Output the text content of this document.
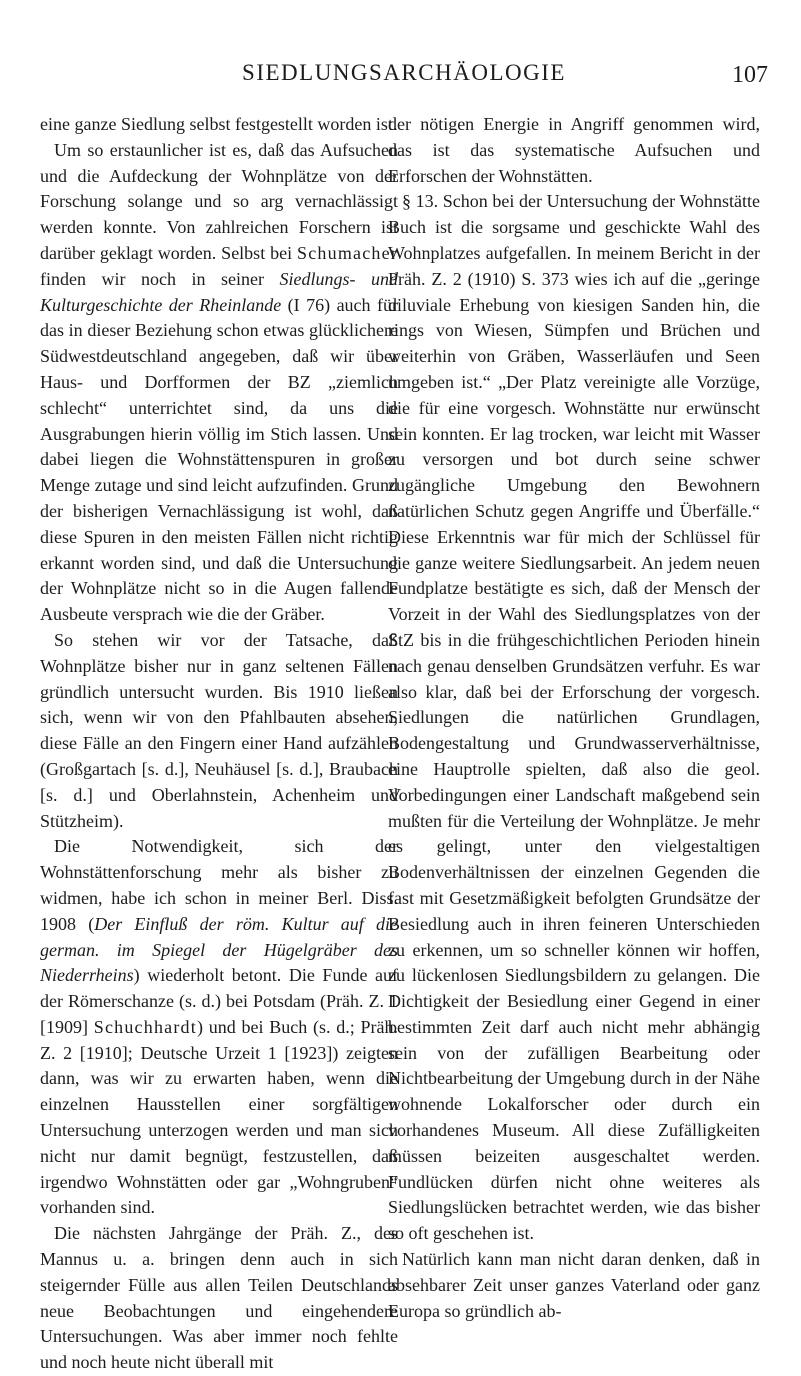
SIEDLUNGSARCHÄOLOGIE	107

eine ganze Siedlung selbst festgestellt worden ist.

Um so erstaunlicher ist es, daß das Aufsuchen und die Aufdeckung der Wohnplätze von der Forschung solange und so arg vernachlässigt werden konnte. Von zahlreichen Forschern ist darüber geklagt worden. Selbst bei Schumacher finden wir noch in seiner Siedlungs- und Kulturgeschichte der Rheinlande (I 76) auch für das in dieser Beziehung schon etwas glücklichere Südwestdeutschland angegeben, daß wir über Haus- und Dorfformen der BZ „ziemlich schlecht“ unterrichtet sind, da uns die Ausgrabungen hierin völlig im Stich lassen. Und dabei liegen die Wohnstättenspuren in großer Menge zutage und sind leicht aufzufinden. Grund der bisherigen Vernachlässigung ist wohl, daß diese Spuren in den meisten Fällen nicht richtig erkannt worden sind, und daß die Untersuchung der Wohnplätze nicht so in die Augen fallende Ausbeute versprach wie die der Gräber.

So stehen wir vor der Tatsache, daß Wohnplätze bisher nur in ganz seltenen Fällen gründlich untersucht wurden. Bis 1910 ließen sich, wenn wir von den Pfahlbauten absehen, diese Fälle an den Fingern einer Hand aufzählen (Großgartach [s. d.], Neuhäusel [s. d.], Braubach [s. d.] und Oberlahnstein, Achenheim und Stützheim).

Die Notwendigkeit, sich der Wohnstättenforschung mehr als bisher zu widmen, habe ich schon in meiner Berl. Diss. 1908 (Der Einfluß der röm. Kultur auf die german. im Spiegel der Hügelgräber des Niederrheins) wiederholt betont. Die Funde auf der Römerschanze (s. d.) bei Potsdam (Präh. Z. 1 [1909] Schuchhardt) und bei Buch (s. d.; Präh. Z. 2 [1910]; Deutsche Urzeit 1 [1923]) zeigten dann, was wir zu erwarten haben, wenn die einzelnen Hausstellen einer sorgfältigen Untersuchung unterzogen werden und man sich nicht nur damit begnügt, festzustellen, daß irgendwo Wohnstätten oder gar „Wohngruben“ vorhanden sind.

Die nächsten Jahrgänge der Präh. Z., des Mannus u. a. bringen denn auch in sich steigernder Fülle aus allen Teilen Deutschlands neue Beobachtungen und eingehendere Untersuchungen. Was aber immer noch fehlte und noch heute nicht überall mit

der nötigen Energie in Angriff genommen wird, das ist das systematische Aufsuchen und Erforschen der Wohnstätten.

§ 13. Schon bei der Untersuchung der Wohnstätte Buch ist die sorgsame und geschickte Wahl des Wohnplatzes aufgefallen. In meinem Bericht in der Präh. Z. 2 (1910) S. 373 wies ich auf die „geringe diluviale Erhebung von kiesigen Sanden hin, die rings von Wiesen, Sümpfen und Brüchen und weiterhin von Gräben, Wasserläufen und Seen umgeben ist.“ „Der Platz vereinigte alle Vorzüge, die für eine vorgesch. Wohnstätte nur erwünscht sein konnten. Er lag trocken, war leicht mit Wasser zu versorgen und bot durch seine schwer zugängliche Umgebung den Bewohnern natürlichen Schutz gegen Angriffe und Überfälle.“ Diese Erkenntnis war für mich der Schlüssel für die ganze weitere Siedlungsarbeit. An jedem neuen Fundplatze bestätigte es sich, daß der Mensch der Vorzeit in der Wahl des Siedlungsplatzes von der StZ bis in die frühgeschichtlichen Perioden hinein nach genau denselben Grundsätzen verfuhr. Es war also klar, daß bei der Erforschung der vorgesch. Siedlungen die natürlichen Grundlagen, Bodengestaltung und Grundwasserverhältnisse, eine Hauptrolle spielten, daß also die geol. Vorbedingungen einer Landschaft maßgebend sein mußten für die Verteilung der Wohnplätze. Je mehr es gelingt, unter den vielgestaltigen Bodenverhältnissen der einzelnen Gegenden die fast mit Gesetzmäßigkeit befolgten Grundsätze der Besiedlung auch in ihren feineren Unterschieden zu erkennen, um so schneller können wir hoffen, zu lückenlosen Siedlungsbildern zu gelangen. Die Dichtigkeit der Besiedlung einer Gegend in einer bestimmten Zeit darf auch nicht mehr abhängig sein von der zufälligen Bearbeitung oder Nichtbearbeitung der Umgebung durch in der Nähe wohnende Lokalforscher oder durch ein vorhandenes Museum. All diese Zufälligkeiten müssen beizeiten ausgeschaltet werden. Fundlücken dürfen nicht ohne weiteres als Siedlungslücken betrachtet werden, wie das bisher so oft geschehen ist.

Natürlich kann man nicht daran denken, daß in absehbarer Zeit unser ganzes Vaterland oder ganz Europa so gründlich ab-
